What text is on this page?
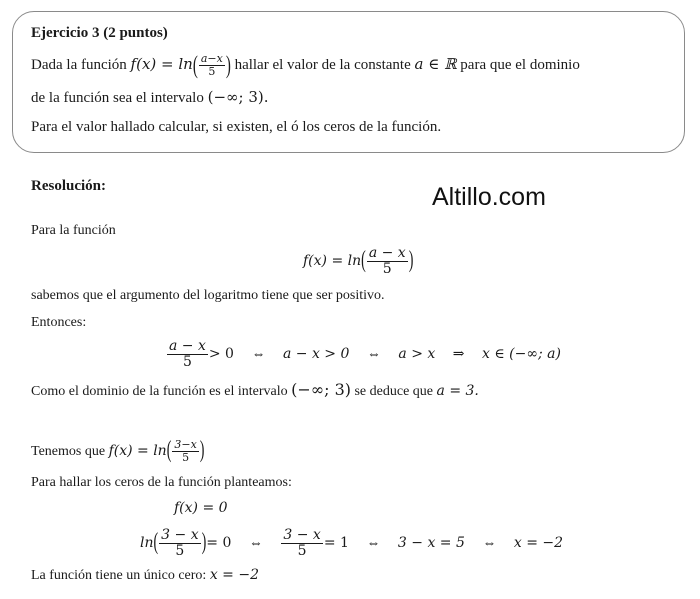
Ejercicio 3 (2 puntos)
Dada la función $f(x) = \ln( \frac{a-x}{5}$ ) hallar el valor de la constante a ∈ ℝ para que el dominio
de la función sea el intervalo (−∞; 3).
Para el valor hallado calcular, si existen, el ó los ceros de la función.
Resolución:	Altillo.com
Para la función
$f(x) = \ln( \frac{a - x}{5}$ )
sabemos que el argumento del logaritmo tiene que ser positivo.
Entonces:
$\frac{a - x}{5} > 0$ ⇔ a − x > 0 ⇔ a > x ⇒ x ∈ (−∞; a)
Como el dominio de la función es el intervalo (−∞; 3) se deduce que a = 3.
Tenemos que $f(x) = \ln( \frac{3-x}{5}$ )
Para hallar los ceros de la función planteamos:
f(x) = 0
$\ln( \frac{3 - x}{5}$ )= 0 ⇔ $\frac{3 - x}{5} = 1$ ⇔ 3 − x = 5 ⇔ x = −2
La función tiene un único cero: x = −2
